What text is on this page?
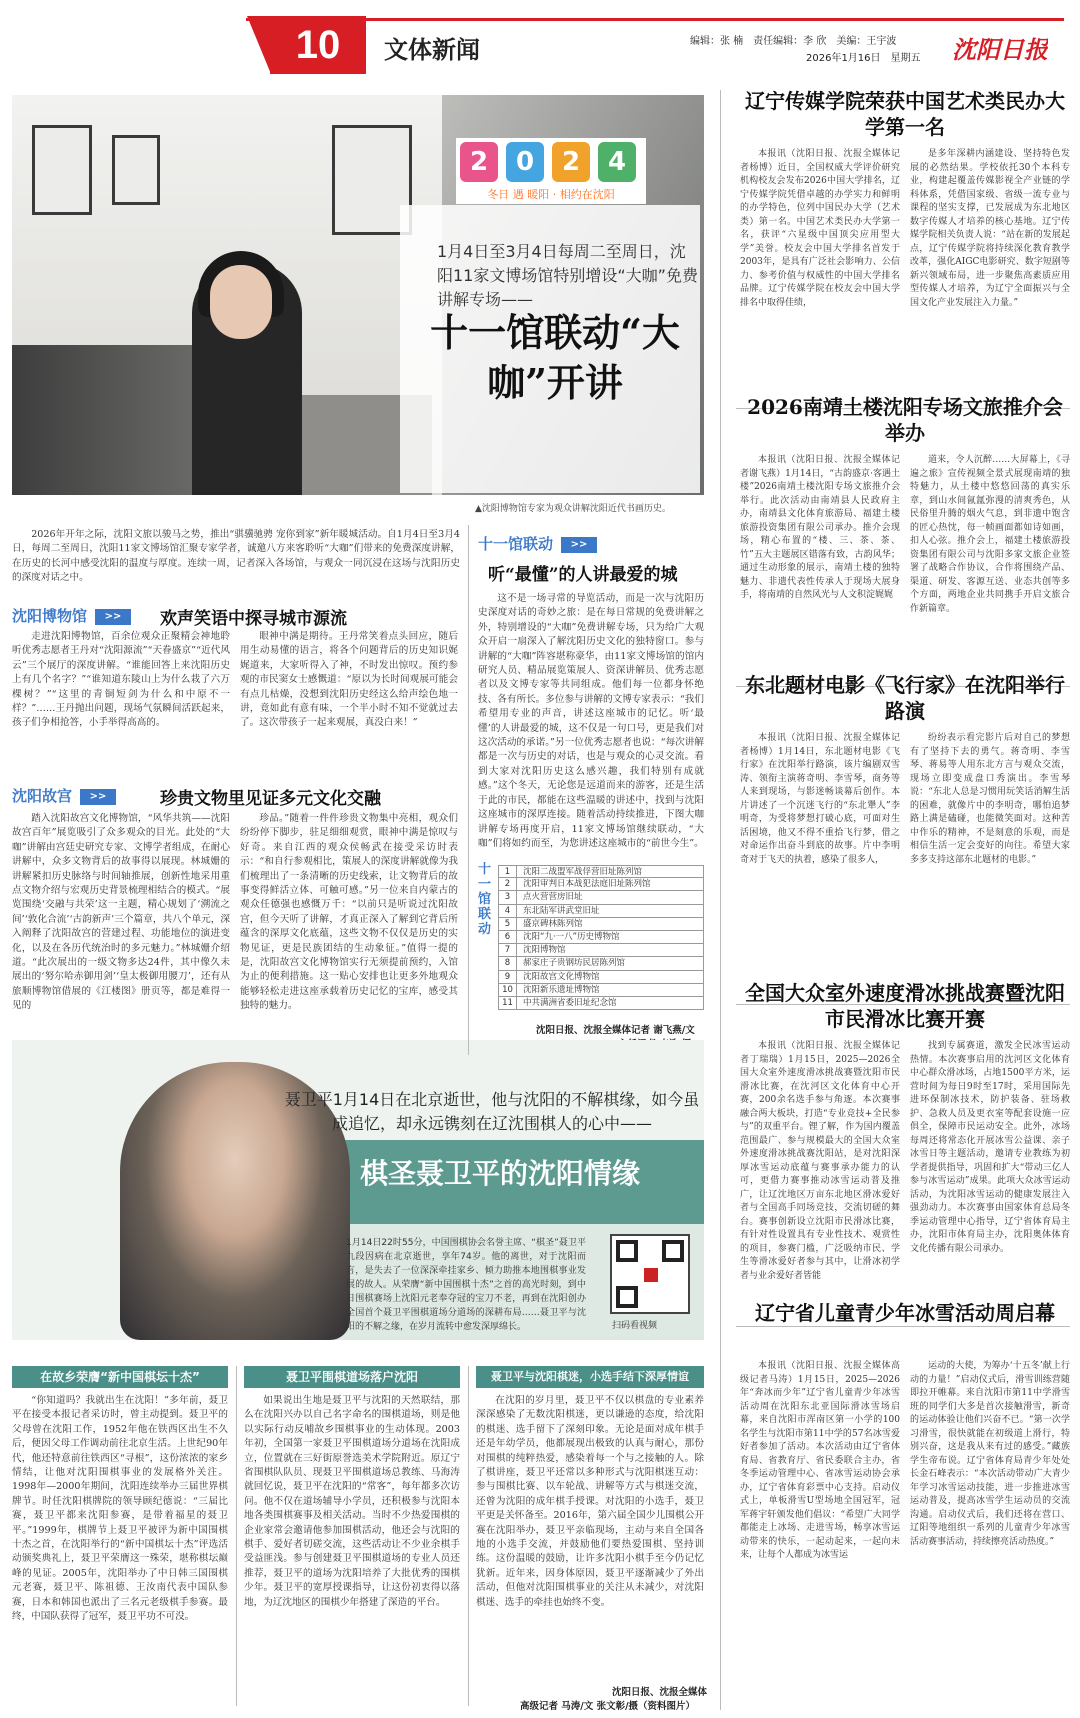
10	文体新闻	编辑：张 楠　责任编辑：李 欣　美编：王宇波
2026年1月16日　星期五 沈阳日报
2	0	2	4
冬日 遇 暖阳 · 相约在沈阳
1月4日至3月4日每周二至周日，沈阳11家文博场馆特别增设“大咖”免费讲解专场——
十一馆联动“大咖”开讲
▲沈阳博物馆专家为观众讲解沈阳近代书画历史。
2026年开年之际，沈阳文旅以骏马之势，推出“骐骥驰骋 宠你到家”新年暖城活动。自1月4日至3月4日，每周二至周日，沈阳11家文博场馆汇聚专家学者，诚邀八方来客聆听“大咖”们带来的免费深度讲解，在历史的长河中感受沈阳的温度与厚度。连续一周，记者深入各场馆，与观众一同沉浸在这场与沈阳历史的深度对话之中。
沈阳博物馆 >>	欢声笑语中探寻城市源流
走进沈阳博物馆，百余位观众正聚精会神地聆听优秀志愿者王丹对“沈阳源流”“天眷盛京”“近代风云”三个展厅的深度讲解。“谁能回答上来沈阳历史上有几个名字？”“谁知道东陵山上为什么栽了六万棵树？”“这里的青铜短剑为什么和中原不一样？”……王丹抛出问题，现场气氛瞬间活跃起来，孩子们争相抢答，小手举得高高的。
眼神中满是期待。王丹常笑着点头回应，随后用生动易懂的语言，将各个问题背后的历史知识娓娓道来，大家听得入了神，不时发出惊叹。预约参观的市民窦女士感慨道：“原以为长时间观展可能会有点儿枯燥，没想到沈阳历史经这么给声绘色地一讲，竟如此有意有味，一个半小时不知不觉就过去了。这次带孩子一起来观展，真没白来！”
沈阳故宫 >>	珍贵文物里见证多元文化交融
踏入沈阳故宫文化博物馆，“风华共筑——沈阳故宫百年”展览吸引了众多观众的目光。此处的“大咖”讲解由宫廷史研究专家、文博学者组成，在耐心讲解中，众多文物背后的故事得以展现。林城姗的讲解紧扣历史脉络与时间轴推展，创新性地采用重点文物介绍与宏观历史背景梳理相结合的模式。“展览围绕‘交融与共荣’这一主题，精心规划了‘溯流之间’‘敦化合流’‘古韵新声’三个篇章，共八个单元，深入阐释了沈阳故宫的营建过程、功能地位的演进变化，以及在各历代统治时的多元魅力。”林城姗介绍道。“此次展出的一级文物多达24件，其中像久未展出的‘努尔哈赤御用剑’‘皇太极御用腰刀’，还有从旅顺博物馆借展的《江楼图》册页等，都是难得一见的
珍品。”随着一件件珍贵文物集中亮相，观众们纷纷停下脚步，驻足细细观赏，眼神中满是惊叹与好奇。来自江西的观众侯畅武在接受采访时表示：“和自行参观相比，策展人的深度讲解就像为我们梳理出了一条清晰的历史线索，让文物背后的故事变得鲜活立体、可触可感。”另一位来自内蒙古的观众任德强也感慨万千：“以前只是听说过沈阳故宫，但今天听了讲解，才真正深入了解到它背后所蕴含的深厚文化底蕴，这些文物不仅仅是历史的实物见证，更是民族团结的生动象征。”值得一提的是，沈阳故宫文化博物馆实行无须提前预约，入馆为止的便利措施。这一贴心安排也让更多外地观众能够轻松走进这座承载着历史记忆的宝库，感受其独特的魅力。
十一馆联动 >>
听“最懂”的人讲最爱的城
这不是一场寻常的导览活动，而是一次与沈阳历史深度对话的奇妙之旅：是在每日常规的免费讲解之外，特别增设的“大咖”免费讲解专场，只为给广大观众开启一扇深入了解沈阳历史文化的独特窗口。参与讲解的“大咖”阵容堪称豪华，由11家文博场馆的馆内研究人员、精品展览策展人、资深讲解员、优秀志愿者以及文博专家等共同组成。他们每一位都身怀绝技、各有所长。多位参与讲解的文博专家表示：“我们希望用专业的声音，讲述这座城市的记忆。听‘最懂’的人讲最爱的城，这不仅是一句口号，更是我们对这次活动的承诺。”另一位优秀志愿者也说：“每次讲解都是一次与历史的对话，也是与观众的心灵交流。看到大家对沈阳历史这么感兴趣，我们特别有成就感。”这个冬天，无论您是远道而来的游客，还是生活于此的市民，都能在这些温暖的讲述中，找到与沈阳这座城市的深厚连接。随着活动持续推进，下图大咖讲解专场再度开启，11家文博场馆继续联动，“大咖”们将如约而至，为您讲述这座城市的“前世今生”。
十一馆联动
1	沈阳二战盟军战俘营旧址陈列馆
2	沈阳审判日本战犯法庭旧址陈列馆
3	点火营营房旧址
4	东北陆军讲武堂旧址
5	盛京碑林陈列馆
6	沈阳“九·一八”历史博物馆
7	沈阳博物馆
8	郝家庄子贵钢坊民居陈列馆
9	沈阳故宫文化博物馆
10	沈阳新乐遗址博物馆
11	中共满洲省委旧址纪念馆
沈阳日报、沈报全媒体记者 谢飞燕/文
聂卫平1月14日在北京逝世，他与沈阳的不解棋缘，如今虽成追忆，却永远镌刻在辽沈围棋人的心中——
棋圣聂卫平的沈阳情缘
1月14日22时55分，中国围棋协会名誉主席、“棋圣”聂卫平九段因病在北京逝世，享年74岁。他的离世，对于沈阳而言，是失去了一位深深牵挂家乡、倾力助推本地围棋事业发展的故人。从荣膺“新中国围棋十杰”之首的高光时刻，到中日围棋赛场上沈阳元老奉夺冠的宝刀不老，再到在沈阳创办全国首个聂卫平围棋道场分道场的深耕布局……聂卫平与沈阳的不解之缘，在岁月流转中愈发深厚绵长。	扫码看视频
在故乡荣膺“新中国棋坛十杰”	聂卫平围棋道场落户沈阳	聂卫平与沈阳棋迷，小选手结下深厚情谊
“你知道吗？我就出生在沈阳！”多年前，聂卫平在接受本报记者采访时，曾主动提到。聂卫平的父母曾在沈阳工作，1952年他在铁西区出生不久后，便因父母工作调动前往北京生活。上世纪90年代，他还特意前往铁西区“寻根”，这份浓浓的家乡情结，让他对沈阳围棋事业的发展格外关注。1998年—2000年期间，沈阳连续举办三届世界棋牌节。时任沈阳棋牌院的领导顾纪德说：“三届比赛，聂卫平都来沈阳参赛，是带着福星的聂卫平。”1999年，棋牌节上聂卫平被评为新中国围棋十杰之首，在沈阳举行的“新中国棋坛十杰”评选活动颁奖典礼上，聂卫平荣膺这一殊荣，堪称棋坛巅峰的见证。2005年，沈阳举办了中日韩三国围棋元老赛，聂卫平、陈祖德、王汝南代表中国队参赛，日本和韩国也派出了三名元老级棋手参赛。最终，中国队获得了冠军，聂卫平功不可没。
如果说出生地是聂卫平与沈阳的天然联结，那么在沈阳兴办以自己名字命名的围棋道场，则是他以实际行动反哺故乡围棋事业的生动体现。2003年初，全国第一家聂卫平围棋道场分道场在沈阳成立，位置就在三好街原誉选美术学院附近。原辽宁省围棋队队员、现聂卫平围棋道场总教练、马海涛就回忆说，聂卫平在沈阳的“常客”，每年都多次访问。他不仅在道场辅导小学员，还积极参与沈阳本地各类围棋赛事及相关活动。当时不少热爱围棋的企业家常会邀请他参加围棋活动，他还会与沈阳的棋手、爱好者切磋交流，这些活动让不少业余棋手受益匪浅。参与创建聂卫平围棋道场的专业人员还推荐，聂卫平的道场为沈阳培养了大批优秀的围棋少年。聂卫平的宽厚授课指导，让这份初衷得以落地，为辽沈地区的围棋少年搭建了深造的平台。
在沈阳的岁月里，聂卫平不仅以棋盘的专业素养深深感染了无数沈阳棋迷，更以谦逊的态度，给沈阳的棋迷、选手留下了深刻印象。无论是面对成年棋手还是年幼学员，他都展现出极致的认真与耐心，那份对围棋的纯粹热爱，感染着每一个与之接触的人。除了棋讲座，聂卫平还常以多种形式与沈阳棋迷互动：参与围棋比赛、以车轮战、讲解等方式与棋迷交流，还曾为沈阳的成年棋手授课。对沈阳的小选手，聂卫平更是关怀备至。2016年，第六届全国少儿围棋公开赛在沈阳举办，聂卫平亲临现场，主动与来自全国各地的小选手交流，并鼓励他们要热爱围棋、坚持训练。这份温暖的鼓励，让许多沈阳小棋手至今仍记忆犹新。近年来，因身体原因，聂卫平逐渐减少了外出活动，但他对沈阳围棋事业的关注从未减少，对沈阳棋迷、选手的牵挂也始终不变。
沈阳日报、沈报全媒体
高级记者 马涛/文 张文彰/摄（资料图片）
辽宁传媒学院荣获中国艺术类民办大学第一名
本报讯（沈阳日报、沈报全媒体记者杨博）近日，全国权威大学评价研究机构校友会发布2026中国大学排名，辽宁传媒学院凭借卓越的办学实力和鲜明的办学特色，位列中国民办大学（艺术类）第一名。中国艺术类民办大学第一名，获评“六星级中国顶尖应用型大学”美誉。校友会中国大学排名首发于2003年，是具有广泛社会影响力、公信力、参考价值与权威性的中国大学排名品牌。辽宁传媒学院在校友会中国大学排名中取得佳绩，
是多年深耕内涵建设、坚持特色发展的必然结果。学校依托30个本科专业，构建起覆盖传媒影视全产业链的学科体系，凭借国家级、省级一流专业与课程的坚实支撑，已发展成为东北地区数字传媒人才培养的核心基地。辽宁传媒学院相关负责人说：“站在新的发展起点，辽宁传媒学院将持续深化教育教学改革，强化AIGC电影研究、数字短剧等新兴领域布局，进一步聚焦高素质应用型传媒人才培养，为辽宁全面振兴与全国文化产业发展注入力量。”
2026南靖土楼沈阳专场文旅推介会举办
本报讯（沈阳日报、沈报全媒体记者谢飞燕）1月14日，“古韵盛京·客遇土楼”2026南靖土楼沈阳专场文旅推介会举行。此次活动由南靖县人民政府主办，南靖县文化体育旅游局、福建土楼旅游投资集团有限公司承办。推介会现场，精心布置的“楼、三、茶、茶、竹”五大主题展区错落有致，古韵风华；通过生动形象的展示，南靖土楼的独特魅力、非遗代表性传承人于现场大展身手，将南靖的自然风光与人文积淀娓娓
道来，令人沉醉……大屏幕上，《寻遍之旅》宣传视频全景式展现南靖的独特魅力，从土楼中悠悠回荡的真实乐章，到山水间氤氲弥漫的清爽秀色，从民俗里升腾的烟火气息，到非遗中饱含的匠心热忱，每一帧画面都如诗如画，扣人心弦。推介会上，福建土楼旅游投资集团有限公司与沈阳多家文旅企业签署了战略合作协议，合作将围绕产品、渠道、研发、客源互送、业态共创等多个方面，两地企业共同携手开启文旅合作新篇章。
东北题材电影《飞行家》在沈阳举行路演
本报讯（沈阳日报、沈报全媒体记者杨博）1月14日，东北题材电影《飞行家》在沈阳举行路演，该片编剧双雪涛、领衔主演蒋奇明、李雪琴，商务等人来到现场，与影迷畅谈幕后创作。本片讲述了一个沉迷飞行的“东北犟人”李明奇，为受将梦想打破心底，可面对生活困境，他又不得不重拾飞行梦，借之对命运作出奋斗到底的故事。片中李明奇对于飞天的执着，感染了很多人，
纷纷表示看完影片后对自己的梦想有了坚持下去的勇气。蒋奇明、李雪琴、蒋易等人用东北方言与观众交流，现场立即变成盘口秀演出。李雪琴说：“东北人总是习惯用玩笑话消解生活的困难，就像片中的李明奇，哪怕追梦路上满是磕碰，也能微笑面对。这种苦中作乐的精神，不是刻意的乐观，而是相信生活一定会变好的向往。希望大家多多支持这部东北题材的电影。”
全国大众室外速度滑冰挑战赛暨沈阳市民滑冰比赛开赛
本报讯（沈阳日报、沈报全媒体记者丁瑞瑞）1月15日，2025—2026全国大众室外速度滑冰挑战赛暨沈阳市民滑冰比赛，在沈河区文化体育中心开赛，200余名选手参与角逐。本次赛事融合两大板块，打造“专业竞技+全民参与”的双重平台。锂了解，作为国内覆盖范围最广、参与规模最大的全国大众室外速度滑冰挑战赛沈阳站，是对沈阳深厚冰雪运动底蕴与赛事承办能力的认可，更借力赛事推动冰雪运动普及推广，让辽沈地区万亩东北地区滑冰爱好者与全国高手同场竞技，交流切磋的舞台。赛事创新设立沈阳市民滑冰比赛，有针对性设置具有专业性技术、观赏性的项目，参赛门槛，广泛吸纳市民、学生等滑冰爱好者参与其中，让滑冰初学者与业余爱好者皆能
找到专属赛道，激发全民冰雪运动热情。本次赛事启用的沈河区文化体育中心群众滑冰场，占地1500平方米，运营时间为每日9时至17时，采用国际先进环保制冰技术，防护装备、驻场救护、急救人员及更衣室等配套设施一应俱全，保障市民运动安全。此外，冰场每周还将常态化开展冰雪公益课、亲子冰雪日等主题活动，邀请专业教练为初学者提供指导，巩固和扩大“带动三亿人参与冰雪运动”成果。此项大众冰雪运动活动，为沈阳冰雪运动的健康发展注入强劲动力。本次赛事由国家体育总局冬季运动管理中心指导，辽宁省体育局主办，沈阳市体育局主办，沈阳奥体体育文化传播有限公司承办。
辽宁省儿童青少年冰雪活动周启幕
本报讯（沈阳日报、沈报全媒体高级记者马涛）1月15日，2025—2026年“奔冰而少年”辽宁省儿童青少年冰雪活动周在沈阳东北亚国际滑冰雪场启幕，来自沈阳市浑南区第一小学的100名学生与沈阳市第11中学的57名冰雪爱好者参加了活动。本次活动由辽宁省体育局、省教育厅、省民委联合主办，省冬季运动管理中心、省冰雪运动协会承办，辽宁省体育彩票中心支持。启动仪式上，单板滑雪U型场地全国冠军，冠军蒋宇轩颁发他们倡议：“希望广大同学都能走上冰场、走进雪场，畅享冰雪运动带来的快乐，一起动起来，一起向未来，让每个人都成为冰雪运
运动的大使，为筹办‘十五冬’献上行动的力量！”启动仪式后，滑雪训练营随即拉开帷幕。来自沈阳市第11中学滑雪班的同学们大多是首次接触滑雪，新奇的运动体验让他们兴奋不已。“第一次学习滑雪，很快就能在初级道上滑行，特别兴奋，这是我从来有过的感受。”藏族学生帝布说。辽宁省体育局青少年处处长金石峰表示：“本次活动带动广大青少年学习冰雪运动技能，进一步推进冰雪运动普及，提高冰雪学生运动员的交流沟通。启动仪式后，我们还将在营口、辽阳等地组织一系列的儿童青少年冰雪活动赛事活动，持续擦亮活动热度。”
